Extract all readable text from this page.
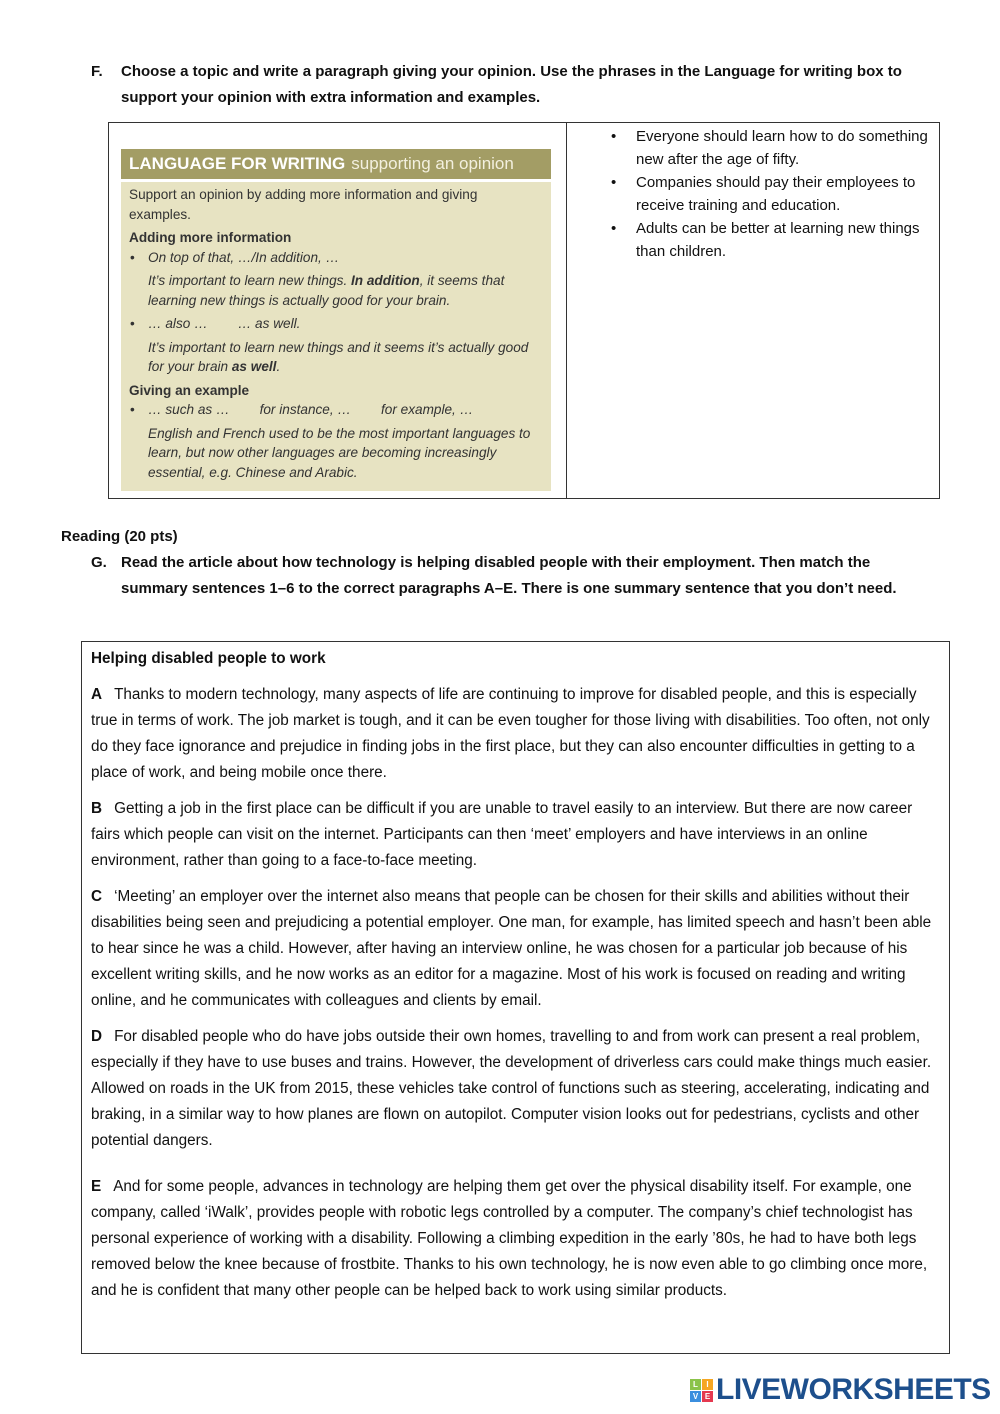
F. Choose a topic and write a paragraph giving your opinion. Use the phrases in the Language for writing box to support your opinion with extra information and examples.
LANGUAGE FOR WRITING supporting an opinion
Support an opinion by adding more information and giving examples.
Adding more information
• On top of that, …/In addition, …
It’s important to learn new things. In addition, it seems that learning new things is actually good for your brain.
• … also … … as well.
It’s important to learn new things and it seems it’s actually good for your brain as well.
Giving an example
• … such as … for instance, … for example, …
English and French used to be the most important languages to learn, but now other languages are becoming increasingly essential, e.g. Chinese and Arabic.
• Everyone should learn how to do something new after the age of fifty.
• Companies should pay their employees to receive training and education.
• Adults can be better at learning new things than children.
Reading (20 pts)
G. Read the article about how technology is helping disabled people with their employment. Then match the summary sentences 1–6 to the correct paragraphs A–E. There is one summary sentence that you don’t need.

Helping disabled people to work

A Thanks to modern technology, many aspects of life are continuing to improve for disabled people, and this is especially true in terms of work. The job market is tough, and it can be even tougher for those living with disabilities. Too often, not only do they face ignorance and prejudice in finding jobs in the first place, but they can also encounter difficulties in getting to a place of work, and being mobile once there.

B Getting a job in the first place can be difficult if you are unable to travel easily to an interview. But there are now career fairs which people can visit on the internet. Participants can then ‘meet’ employers and have interviews in an online environment, rather than going to a face-to-face meeting.

C ‘Meeting’ an employer over the internet also means that people can be chosen for their skills and abilities without their disabilities being seen and prejudicing a potential employer. One man, for example, has limited speech and hasn’t been able to hear since he was a child. However, after having an interview online, he was chosen for a particular job because of his excellent writing skills, and he now works as an editor for a magazine. Most of his work is focused on reading and writing online, and he communicates with colleagues and clients by email.

D For disabled people who do have jobs outside their own homes, travelling to and from work can present a real problem, especially if they have to use buses and trains. However, the development of driverless cars could make things much easier. Allowed on roads in the UK from 2015, these vehicles take control of functions such as steering, accelerating, indicating and braking, in a similar way to how planes are flown on autopilot. Computer vision looks out for pedestrians, cyclists and other potential dangers.

E And for some people, advances in technology are helping them get over the physical disability itself. For example, one company, called ‘iWalk’, provides people with robotic legs controlled by a computer. The company’s chief technologist has personal experience of working with a disability. Following a climbing expedition in the early ’80s, he had to have both legs removed below the knee because of frostbite. Thanks to his own technology, he is now even able to go climbing once more, and he is confident that many other people can be helped back to work using similar products.

L	I
V E LIVEWORKSHEETS
